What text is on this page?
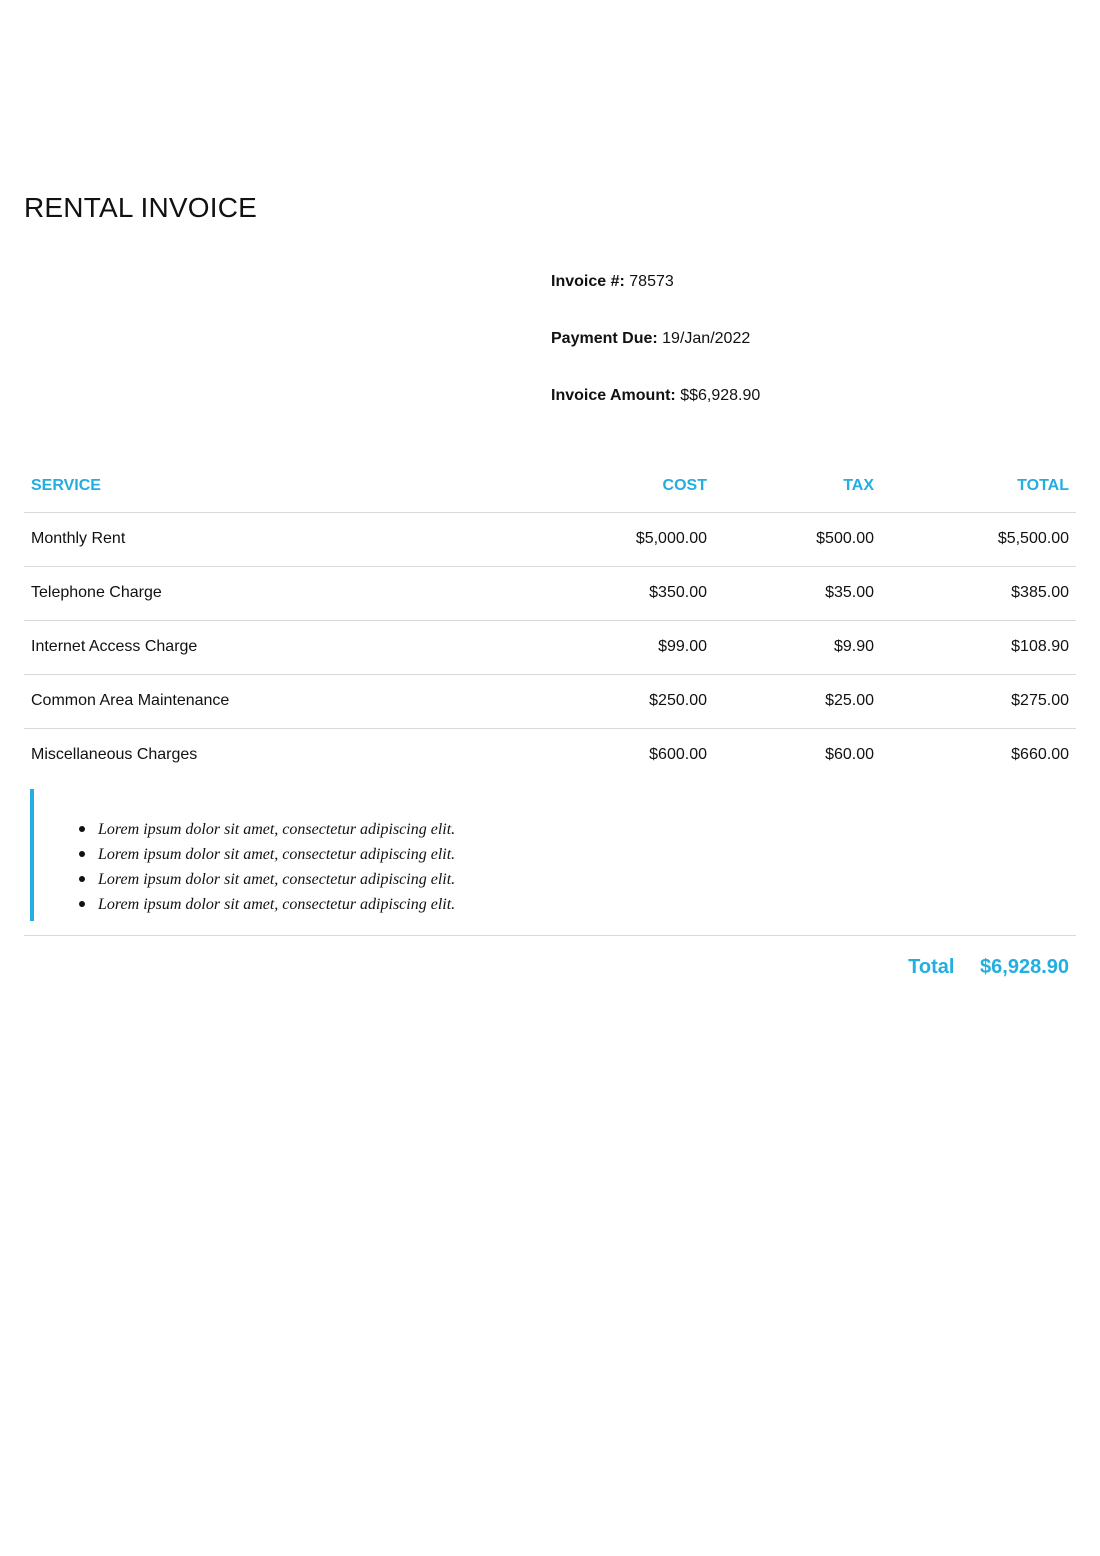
RENTAL INVOICE
Invoice #: 78573
Payment Due: 19/Jan/2022
Invoice Amount: $$6,928.90
SERVICE	COST	TAX	TOTAL
Monthly Rent	$5,000.00	$500.00	$5,500.00
Telephone Charge	$350.00	$35.00	$385.00
Internet Access Charge	$99.00	$9.90	$108.90
Common Area Maintenance	$250.00	$25.00	$275.00
Miscellaneous Charges	$600.00	$60.00	$660.00
Lorem ipsum dolor sit amet, consectetur adipiscing elit.
Lorem ipsum dolor sit amet, consectetur adipiscing elit.
Lorem ipsum dolor sit amet, consectetur adipiscing elit.
Lorem ipsum dolor sit amet, consectetur adipiscing elit.
Total $6,928.90
